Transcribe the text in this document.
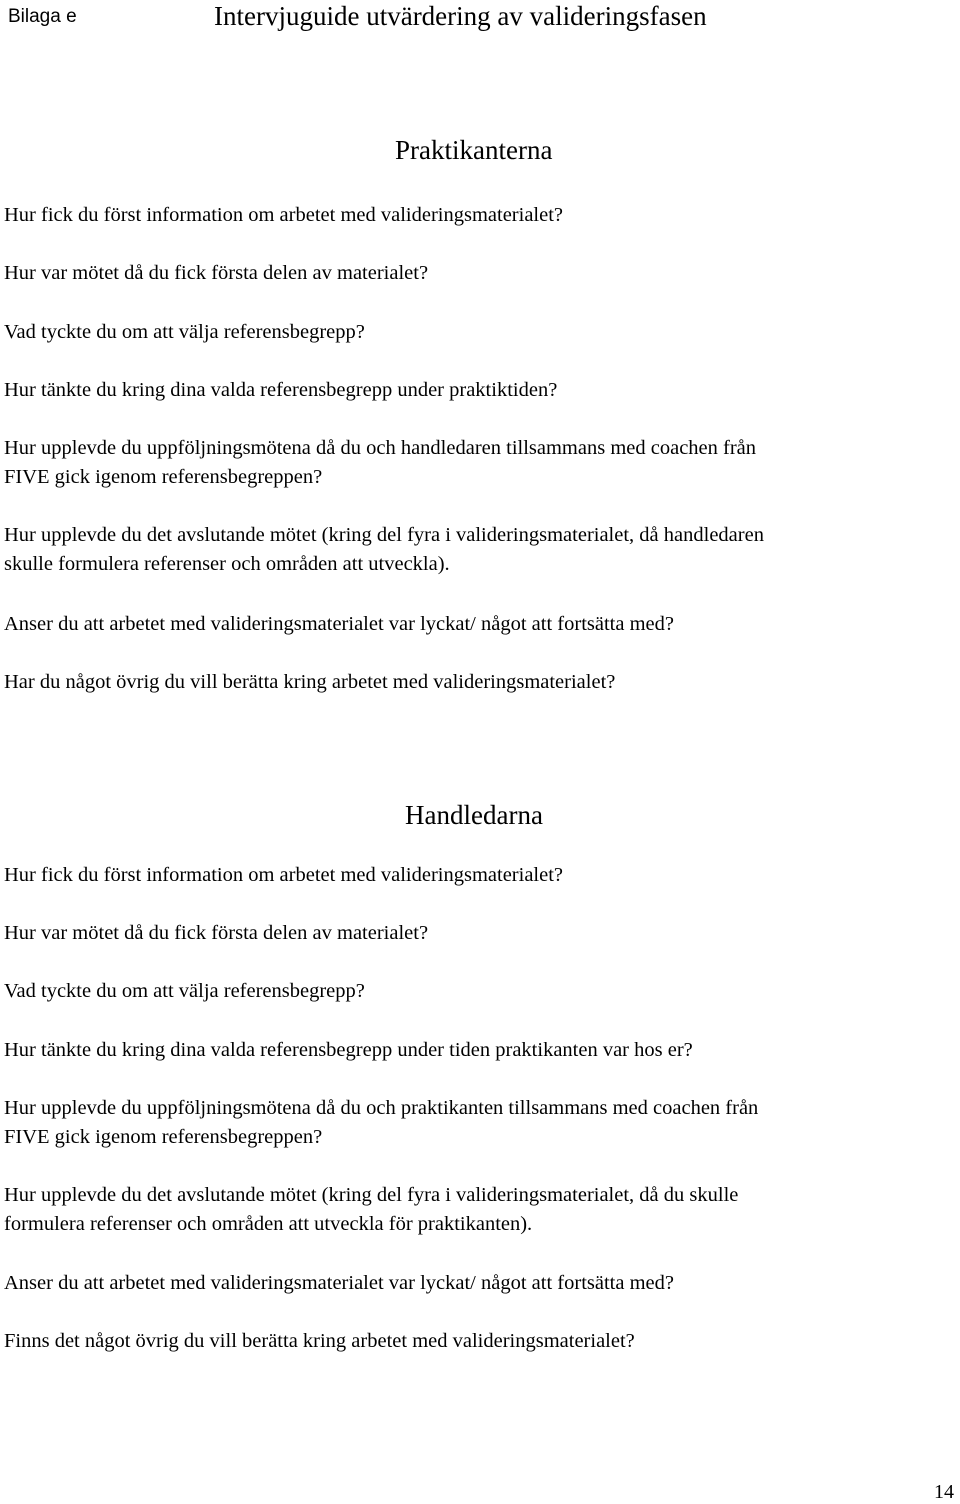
Bilaga e	Intervjuguide utvärdering av valideringsfasen
Praktikanterna
Hur fick du först information om arbetet med valideringsmaterialet?
Hur var mötet då du fick första delen av materialet?
Vad tyckte du om att välja referensbegrepp?
Hur tänkte du kring dina valda referensbegrepp under praktiktiden?
Hur upplevde du uppföljningsmötena då du och handledaren tillsammans med coachen från
FIVE gick igenom referensbegreppen?
Hur upplevde du det avslutande mötet (kring del fyra i valideringsmaterialet, då handledaren
skulle formulera referenser och områden att utveckla).
Anser du att arbetet med valideringsmaterialet var lyckat/ något att fortsätta med?
Har du något övrig du vill berätta kring arbetet med valideringsmaterialet?
Handledarna
Hur fick du först information om arbetet med valideringsmaterialet?
Hur var mötet då du fick första delen av materialet?
Vad tyckte du om att välja referensbegrepp?
Hur tänkte du kring dina valda referensbegrepp under tiden praktikanten var hos er?
Hur upplevde du uppföljningsmötena då du och praktikanten tillsammans med coachen från
FIVE gick igenom referensbegreppen?
Hur upplevde du det avslutande mötet (kring del fyra i valideringsmaterialet, då du skulle
formulera referenser och områden att utveckla för praktikanten).
Anser du att arbetet med valideringsmaterialet var lyckat/ något att fortsätta med?
Finns det något övrig du vill berätta kring arbetet med valideringsmaterialet?

14
